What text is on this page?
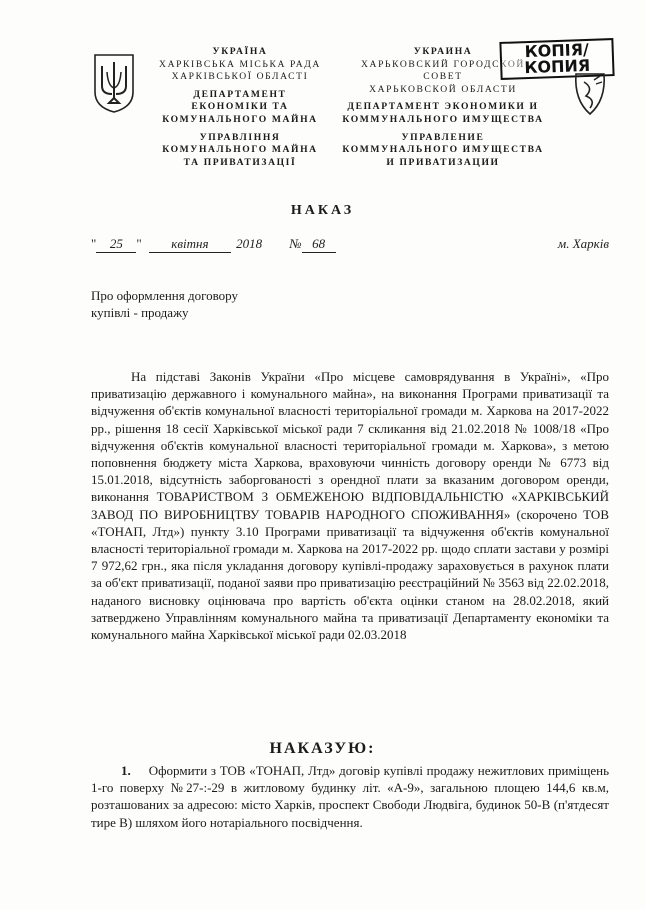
УКРАЇНА
ХАРКІВСЬКА МІСЬКА РАДА
ХАРКІВСЬКОЇ ОБЛАСТІ
ДЕПАРТАМЕНТ
ЕКОНОМІКИ ТА
КОМУНАЛЬНОГО МАЙНА
УПРАВЛІННЯ
КОМУНАЛЬНОГО МАЙНА
ТА ПРИВАТИЗАЦІЇ
УКРАИНА
ХАРЬКОВСКИЙ ГОРОДСКОЙ
СОВЕТ
ХАРЬКОВСКОЙ ОБЛАСТИ
ДЕПАРТАМЕНТ ЭКОНОМИКИ И
КОММУНАЛЬНОГО ИМУЩЕСТВА
УПРАВЛЕНИЕ
КОММУНАЛЬНОГО ИМУЩЕСТВА
И ПРИВАТИЗАЦИИ
КОПІЯ/
КОПИЯ
НАКАЗ
" 25 " квітня 2018 № 68	м. Харків
Про оформлення договору
купівлі - продажу
На підставі Законів України «Про місцеве самоврядування в Україні», «Про приватизацію державного і комунального майна», на виконання Програми приватизації та відчуження об'єктів комунальної власності територіальної громади м. Харкова на 2017-2022 рр., рішення 18 сесії Харківської міської ради 7 скликання від 21.02.2018 № 1008/18 «Про відчуження об'єктів комунальної власності територіальної громади м. Харкова», з метою поповнення бюджету міста Харкова, враховуючи чинність договору оренди № 6773 від 15.01.2018, відсутність заборгованості з орендної плати за вказаним договором оренди, виконання ТОВАРИСТВОМ З ОБМЕЖЕНОЮ ВІДПОВІДАЛЬНІСТЮ «ХАРКІВСЬКИЙ ЗАВОД ПО ВИРОБНИЦТВУ ТОВАРІВ НАРОДНОГО СПОЖИВАННЯ» (скорочено ТОВ «ТОНАП, Лтд») пункту 3.10 Програми приватизації та відчуження об'єктів комунальної власності територіальної громади м. Харкова на 2017-2022 рр. щодо сплати застави у розмірі 7 972,62 грн., яка після укладання договору купівлі-продажу зараховується в рахунок плати за об'єкт приватизації, поданої заяви про приватизацію реєстраційний № 3563 від 22.02.2018, наданого висновку оцінювача про вартість об'єкта оцінки станом на 28.02.2018, який затверджено Управлінням комунального майна та приватизації Департаменту економіки та комунального майна Харківської міської ради 02.03.2018
НАКАЗУЮ:
1. Оформити з ТОВ «ТОНАП, Лтд» договір купівлі продажу нежитлових приміщень 1-го поверху №27-:-29 в житловому будинку літ. «А-9», загальною площею 144,6 кв.м, розташованих за адресою: місто Харків, проспект Свободи Людвіга, будинок 50-В (п'ятдесят тире В) шляхом його нотаріального посвідчення.
